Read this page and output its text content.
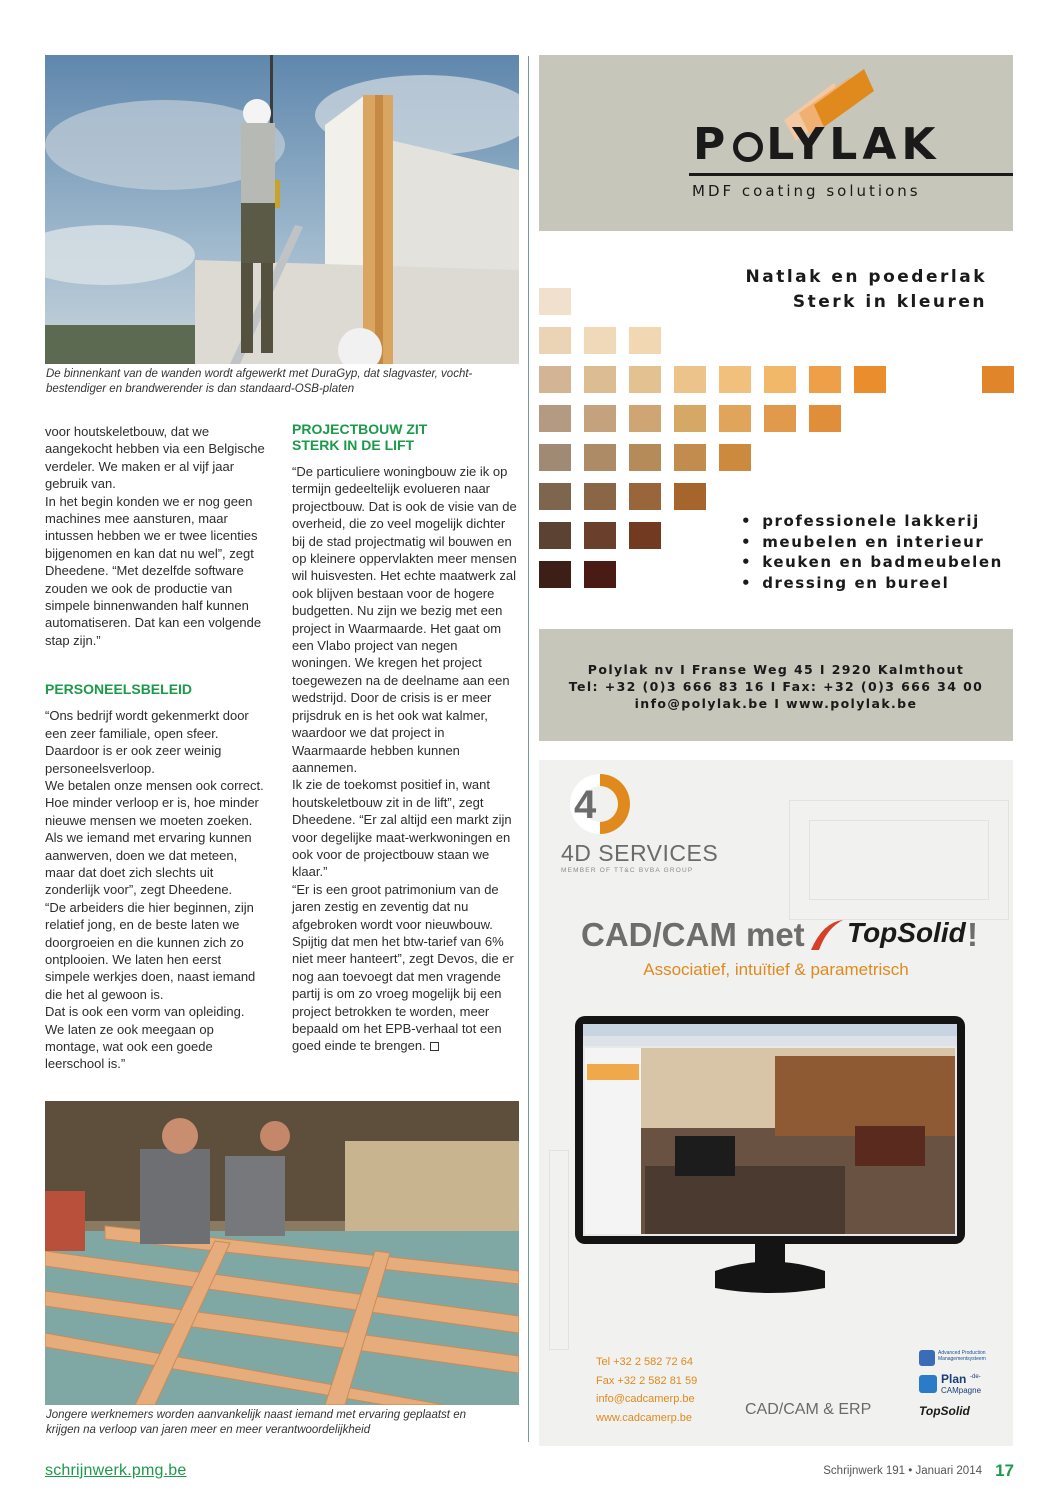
De binnenkant van de wanden wordt afgewerkt met DuraGyp, dat slagvaster, vocht-bestendiger en brandwerender is dan standaard-OSB-platen

voor houtskeletbouw, dat we aangekocht hebben via een Belgische verdeler. We maken er al vijf jaar gebruik van.

In het begin konden we er nog geen machines mee aansturen, maar intussen hebben we er twee licenties bijgenomen en kan dat nu wel”, zegt Dheedene. “Met dezelfde software zouden we ook de productie van simpele binnenwanden half kunnen automatiseren. Dat kan een volgende stap zijn.”

PERSONEELSBELEID

“Ons bedrijf wordt gekenmerkt door een zeer familiale, open sfeer. Daardoor is er ook zeer weinig personeelsverloop.

We betalen onze mensen ook correct. Hoe minder verloop er is, hoe minder nieuwe mensen we moeten zoeken.

Als we iemand met ervaring kunnen aanwerven, doen we dat meteen, maar dat doet zich slechts uit zonderlijk voor”, zegt Dheedene.

“De arbeiders die hier beginnen, zijn relatief jong, en de beste laten we doorgroeien en die kunnen zich zo ontplooien. We laten hen eerst simpele werkjes doen, naast iemand die het al gewoon is.

Dat is ook een vorm van opleiding. We laten ze ook meegaan op montage, wat ook een goede leerschool is.”

PROJECTBOUW ZIT
STERK IN DE LIFT

“De particuliere woningbouw zie ik op termijn gedeeltelijk evolueren naar projectbouw. Dat is ook de visie van de overheid, die zo veel mogelijk dichter bij de stad projectmatig wil bouwen en op kleinere oppervlakten meer mensen wil huisvesten. Het echte maatwerk zal ook blijven bestaan voor de hogere budgetten. Nu zijn we bezig met een project in Waarmaarde. Het gaat om een Vlabo project van negen woningen. We kregen het project toegewezen na de deelname aan een wedstrijd. Door de crisis is er meer prijsdruk en is het ook wat kalmer, waardoor we dat project in Waarmaarde hebben kunnen aannemen.

Ik zie de toekomst positief in, want houtskeletbouw zit in de lift”, zegt Dheedene. “Er zal altijd een markt zijn voor degelijke maat-werkwoningen en ook voor de projectbouw staan we klaar.”

“Er is een groot patrimonium van de jaren zestig en zeventig dat nu afgebroken wordt voor nieuwbouw. Spijtig dat men het btw-tarief van 6% niet meer hanteert”, zegt Devos, die er nog aan toevoegt dat men vragende partij is om zo vroeg mogelijk bij een project betrokken te worden, meer bepaald om het EPB-verhaal tot een goed einde te brengen.

Jongere werknemers worden aanvankelijk naast iemand met ervaring geplaatst en krijgen na verloop van jaren meer en meer verantwoordelijkheid
P LYLAK
MDF coating solutions
Natlak en poederlak
Sterk in kleuren
• professionele lakkerij
• meubelen en interieur
• keuken en badmeubelen
• dressing en bureel
Polylak nv I Franse Weg 45 I 2920 Kalmthout
Tel: +32 (0)3 666 83 16 I Fax: +32 (0)3 666 34 00
info@polylak.be I www.polylak.be
4
4D SERVICES
MEMBER OF TT&C BVBA GROUP
CAD/CAM met TopSolid !
Associatief, intuïtief & parametrisch
Tel +32 2 582 72 64
Fax +32 2 582 81 59
info@cadcamerp.be
www.cadcamerp.be	CAD/CAM & ERP
Advanced Production Managementsysteem
Plan -de-
CAMpagne
TopSolid
schrijnwerk.pmg.be	Schrijnwerk 191 • Januari 2014 17
